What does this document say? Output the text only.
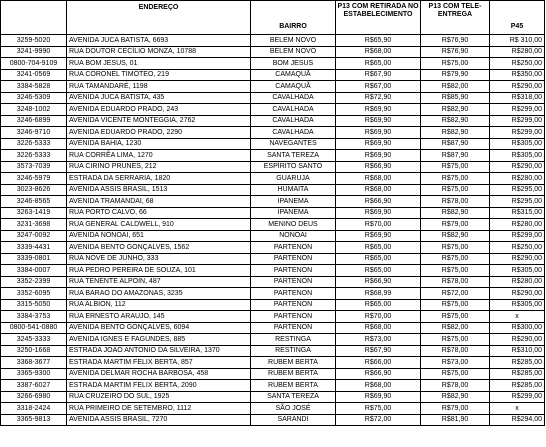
	ENDEREÇO	BAIRRO	P13 COM RETIRADA NO ESTABELECIMENTO	P13 COM TELE-ENTREGA	P45
3259-5020	AVENIDA JUCA BATISTA, 6693	BELEM NOVO	R$65,90	R$76,90	R$ 310,00
3241-9990	RUA DOUTOR CECÍLIO MONZA, 10788	BELEM NOVO	R$68,00	R$76,90	R$280,00
0800-704-9109	RUA BOM JESUS, 01	BOM JESUS	R$65,00	R$75,00	R$250,00
3241-0569	RUA CORONEL TIMOTEO, 219	CAMAQUÃ	R$67,90	R$79,90	R$350,00
3384-5828	RUA TAMANDARÉ, 1198	CAMAQUÃ	R$67,00	R$82,00	R$290,00
3246-5309	AVENIDA JUCA BATISTA, 435	CAVALHADA	R$72,90	R$85,90	R$318,00
3248-1002	AVENIDA EDUARDO PRADO, 243	CAVALHADA	R$69,90	R$82,90	R$299,00
3246-6899	AVENIDA VICENTE MONTEGGIA, 2762	CAVALHADA	R$69,90	R$82,90	R$299,00
3246-9710	AVENIDA EDUARDO PRADO, 2290	CAVALHADA	R$69,90	R$82,90	R$299,00
3226-5333	AVENIDA BAHIA, 1230	NAVEGANTES	R$69,90	R$87,90	R$305,00
3226-5333	RUA CORRÊA LIMA, 1270	SANTA TEREZA	R$69,90	R$87,90	R$305,00
3573-7039	RUA CIRINO PRUNES, 212	ESPÍRITO SANTO	R$66,90	R$75,00	R$290,00
3246-5979	ESTRADA DA SERRARIA, 1820	GUARUJA	R$68,00	R$75,00	R$280,00
3023-8626	AVENIDA ASSIS BRASIL, 1513	HUMAITA	R$68,00	R$75,00	R$295,00
3246-8565	AVENIDA TRAMANDAI, 68	IPANEMA	R$66,90	R$78,00	R$295,00
3263-1419	RUA PORTO CALVO, 66	IPANEMA	R$69,90	R$82,90	R$315,00
3231-3698	RUA GENERAL CALDWELL, 910	MENINO DEUS	R$70,00	R$79,00	R$280,00
3247-0092	AVENIDA NONOAI, 651	NONOAI	R$69,90	R$82,90	R$299,00
3339-4431	AVENIDA BENTO GONÇALVES, 1562	PARTENON	R$65,00	R$75,00	R$250,00
3339-0801	RUA NOVE DE JUNHO, 333	PARTENON	R$65,00	R$75,00	R$290,00
3384-0007	RUA PEDRO PEREIRA DE SOUZA, 101	PARTENON	R$65,00	R$75,00	R$305,00
3352-2399	RUA TENENTE ALPOIN, 487	PARTENON	R$66,90	R$78,00	R$280,00
3352-6095	RUA BARAO DO AMAZONAS, 3235	PARTENON	R$68,99	R$72,00	R$290,00
3315-5050	RUA ALBION, 112	PARTENON	R$65,00	R$75,00	R$305,00
3384-3753	RUA ERNESTO ARAUJO, 145	PARTENON	R$70,00	R$75,00	x
0800-541-0880	AVENIDA BENTO GONÇALVES, 6094	PARTENON	R$68,00	R$82,00	R$300,00
3245-3333	AVENIDA IGNES E FAGUNDES, 885	RESTINGA	R$73,00	R$75,00	R$290,00
3250-1668	ESTRADA JOAO ANTONIO DA SILVEIRA, 1370	RESTINGA	R$67,90	R$78,00	R$310,00
3368-3677	ESTRADA MARTIM FELIX BERTA, 857	RUBEM BERTA	R$66,00	R$73,00	R$285,00
3365-9300	AVENIDA DELMAR ROCHA BARBOSA, 458	RUBEM BERTA	R$66,90	R$75,00	R$285,00
3387-6027	ESTRADA MARTIM FELIX BERTA, 2090	RUBEM BERTA	R$68,00	R$78,00	R$285,00
3266-6980	RUA CRUZEIRO DO SUL, 1925	SANTA TEREZA	R$69,90	R$82,90	R$299,00
3318-2424	RUA PRIMEIRO DE SETEMBRO, 1112	SÃO JOSÉ	R$75,00	R$79,00	x
3365-9813	AVENIDA ASSIS BRASIL, 7270	SARANDI	R$72,00	R$81,90	R$294,00
